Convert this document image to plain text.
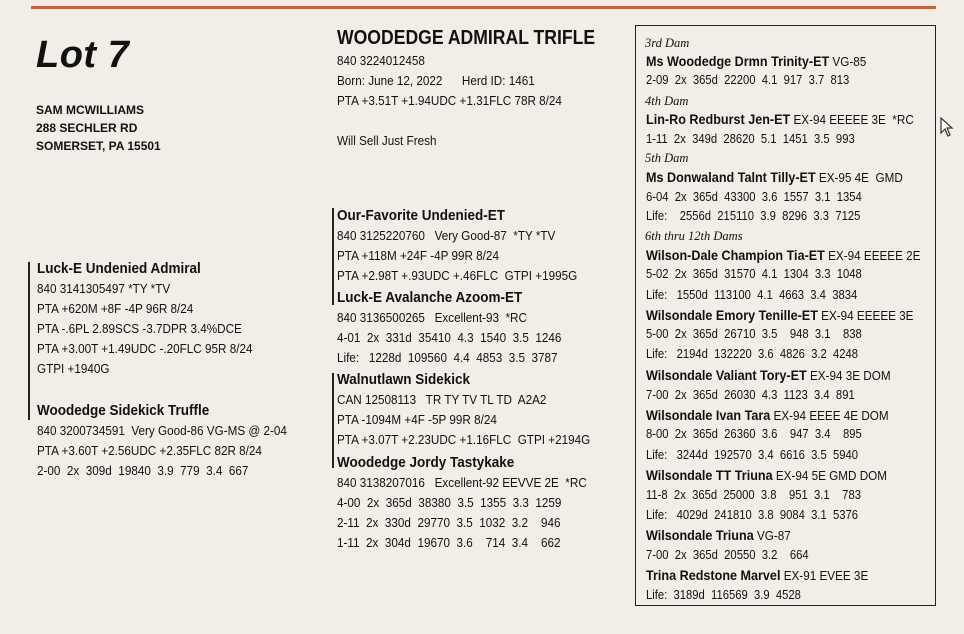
Lot 7
SAM MCWILLIAMS
288 SECHLER RD
SOMERSET, PA 15501
WOODEDGE ADMIRAL TRIFLE
840 3224012458
Born: June 12, 2022      Herd ID: 1461
PTA +3.51T +1.94UDC +1.31FLC 78R 8/24
Will Sell Just Fresh
Luck-E Undenied Admiral
840 3141305497 *TY *TV
PTA +620M +8F -4P 96R 8/24
PTA -.6PL 2.89SCS -3.7DPR 3.4%DCE
PTA +3.00T +1.49UDC -.20FLC 95R 8/24
GTPI +1940G
Woodedge Sidekick Truffle
840 3200734591  Very Good-86 VG-MS @ 2-04
PTA +3.60T +2.56UDC +2.35FLC 82R 8/24
2-00  2x  309d  19840  3.9  779  3.4  667
Our-Favorite Undenied-ET
840 3125220760   Very Good-87  *TY *TV
PTA +118M +24F -4P 99R 8/24
PTA +2.98T +.93UDC +.46FLC  GTPI +1995G
Luck-E Avalanche Azoom-ET
840 3136500265   Excellent-93  *RC
4-01  2x  331d  35410  4.3  1540  3.5  1246
Life:   1228d  109560  4.4  4853  3.5  3787
Walnutlawn Sidekick
CAN 12508113   TR TY TV TL TD  A2A2
PTA -1094M +4F -5P 99R 8/24
PTA +3.07T +2.23UDC +1.16FLC  GTPI +2194G
Woodedge Jordy Tastykake
840 3138207016   Excellent-92 EEVVE 2E  *RC
4-00  2x  365d  38380  3.5  1355  3.3  1259
2-11  2x  330d  29770  3.5  1032  3.2    946
1-11  2x  304d  19670  3.6    714  3.4    662
3rd Dam
Ms Woodedge Drmn Trinity-ET VG-85
2-09  2x  365d  22200  4.1  917  3.7  813
4th Dam
Lin-Ro Redburst Jen-ET EX-94 EEEEE 3E  *RC
1-11  2x  349d  28620  5.1  1451  3.5  993
5th Dam
Ms Donwaland Talnt Tilly-ET EX-95 4E  GMD
6-04  2x  365d  43300  3.6  1557  3.1  1354
Life:    2556d  215110  3.9  8296  3.3  7125
6th thru 12th Dams
Wilson-Dale Champion Tia-ET EX-94 EEEEE 2E
5-02  2x  365d  31570  4.1  1304  3.3  1048
Life:   1550d  113100  4.1  4663  3.4  3834
Wilsondale Emory Tenille-ET EX-94 EEEEE 3E
5-00  2x  365d  26710  3.5    948  3.1    838
Life:   2194d  132220  3.6  4826  3.2  4248
Wilsondale Valiant Tory-ET EX-94 3E DOM
7-00  2x  365d  26030  4.3  1123  3.4  891
Wilsondale Ivan Tara EX-94 EEEE 4E DOM
8-00  2x  365d  26360  3.6    947  3.4    895
Life:   3244d  192570  3.4  6616  3.5  5940
Wilsondale TT Triuna EX-94 5E GMD DOM
11-8  2x  365d  25000  3.8    951  3.1    783
Life:   4029d  241810  3.8  9084  3.1  5376
Wilsondale Triuna VG-87
7-00  2x  365d  20550  3.2    664
Trina Redstone Marvel EX-91 EVEE 3E
Life:  3189d  116569  3.9  4528
